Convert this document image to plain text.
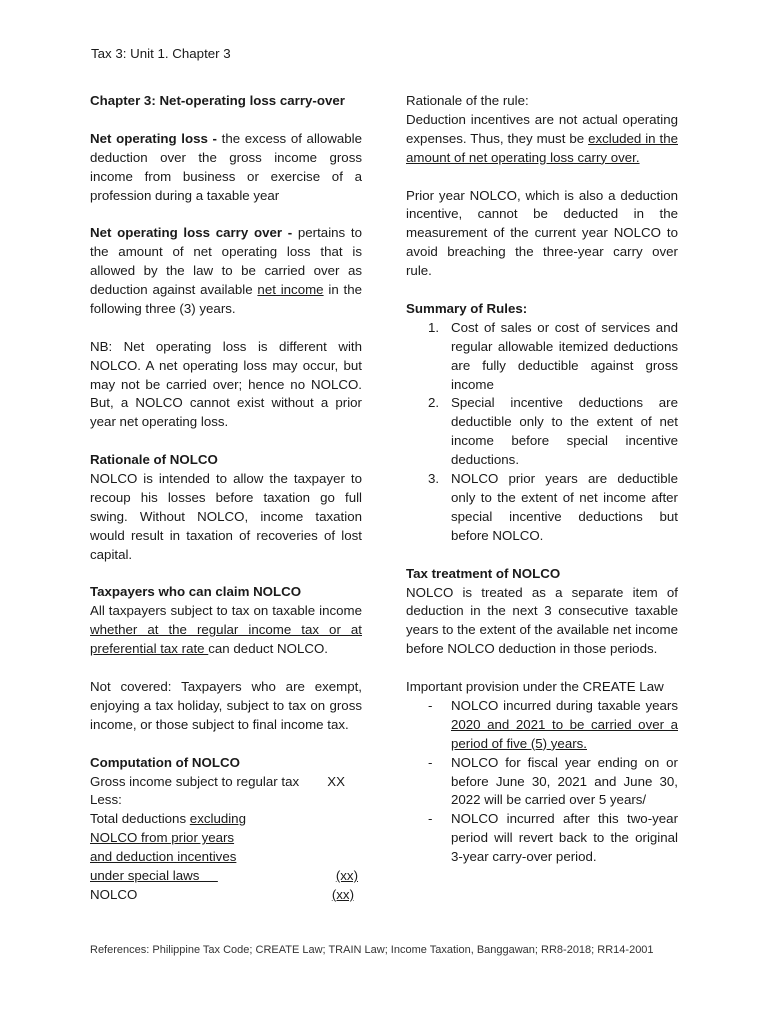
Tax 3: Unit 1. Chapter 3

Chapter 3: Net-operating loss carry-over

Net operating loss - the excess of allowable deduction over the gross income gross income from business or exercise of a profession during a taxable year

Net operating loss carry over - pertains to the amount of net operating loss that is allowed by the law to be carried over as deduction against available net income in the following three (3) years.

NB: Net operating loss is different with NOLCO. A net operating loss may occur, but may not be carried over; hence no NOLCO. But, a NOLCO cannot exist without a prior year net operating loss.

Rationale of NOLCO
NOLCO is intended to allow the taxpayer to recoup his losses before taxation go full swing. Without NOLCO, income taxation would result in taxation of recoveries of lost capital.

Taxpayers who can claim NOLCO
All taxpayers subject to tax on taxable income whether at the regular income tax or at preferential tax rate can deduct NOLCO.

Not covered: Taxpayers who are exempt, enjoying a tax holiday, subject to tax on gross income, or those subject to final income tax.

Computation of NOLCO
Gross income subject to regular tax XX
Less:
Total deductions excluding
NOLCO from prior years
and deduction incentives
under special laws	(xx)
NOLCO	(xx)

Rationale of the rule:
Deduction incentives are not actual operating expenses. Thus, they must be excluded in the amount of net operating loss carry over.

Prior year NOLCO, which is also a deduction incentive, cannot be deducted in the measurement of the current year NOLCO to avoid breaching the three-year carry over rule.

Summary of Rules:
1. Cost of sales or cost of services and regular allowable itemized deductions are fully deductible against gross income
2. Special incentive deductions are deductible only to the extent of net income before special incentive deductions.
3. NOLCO prior years are deductible only to the extent of net income after special incentive deductions but before NOLCO.

Tax treatment of NOLCO
NOLCO is treated as a separate item of deduction in the next 3 consecutive taxable years to the extent of the available net income before NOLCO deduction in those periods.

Important provision under the CREATE Law
- NOLCO incurred during taxable years 2020 and 2021 to be carried over a period of five (5) years.
- NOLCO for fiscal year ending on or before June 30, 2021 and June 30, 2022 will be carried over 5 years/
- NOLCO incurred after this two-year period will revert back to the original 3-year carry-over period.
References: Philippine Tax Code; CREATE Law; TRAIN Law; Income Taxation, Banggawan; RR8-2018; RR14-2001
